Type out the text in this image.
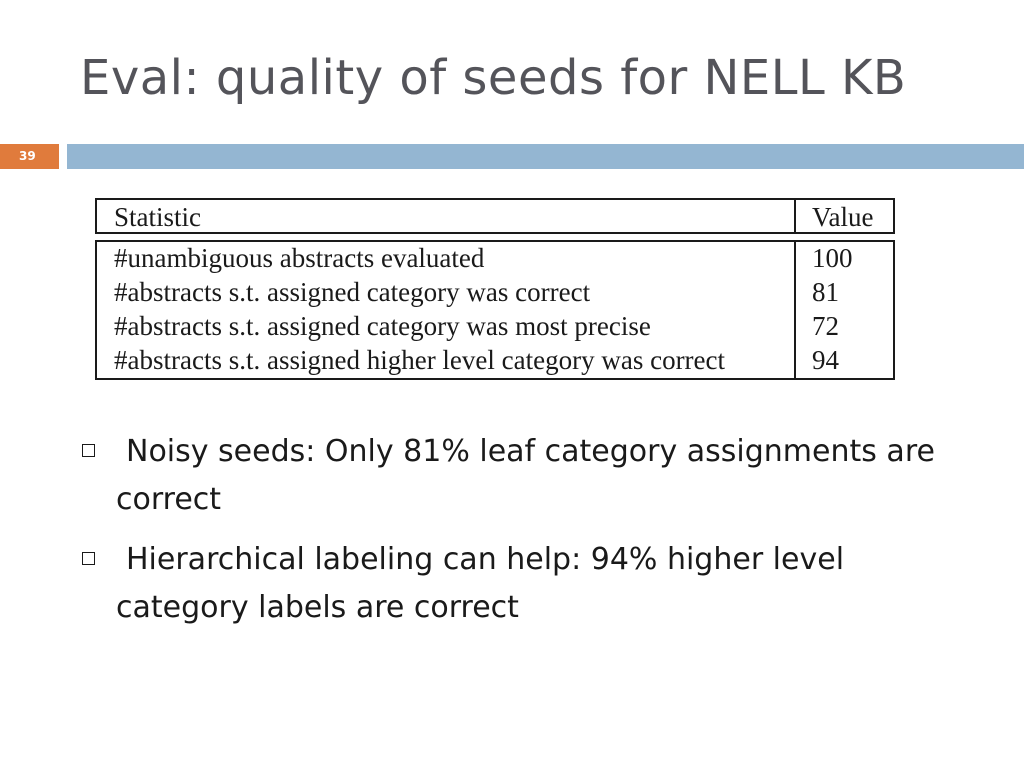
Eval: quality of seeds for NELL KB
39
Statistic	Value
#unambiguous abstracts evaluated	100
#abstracts s.t. assigned category was correct	81
#abstracts s.t. assigned category was most precise	72
#abstracts s.t. assigned higher level category was correct	94
Noisy seeds: Only 81% leaf category assignments are correct
Hierarchical labeling can help: 94% higher level category labels are correct
